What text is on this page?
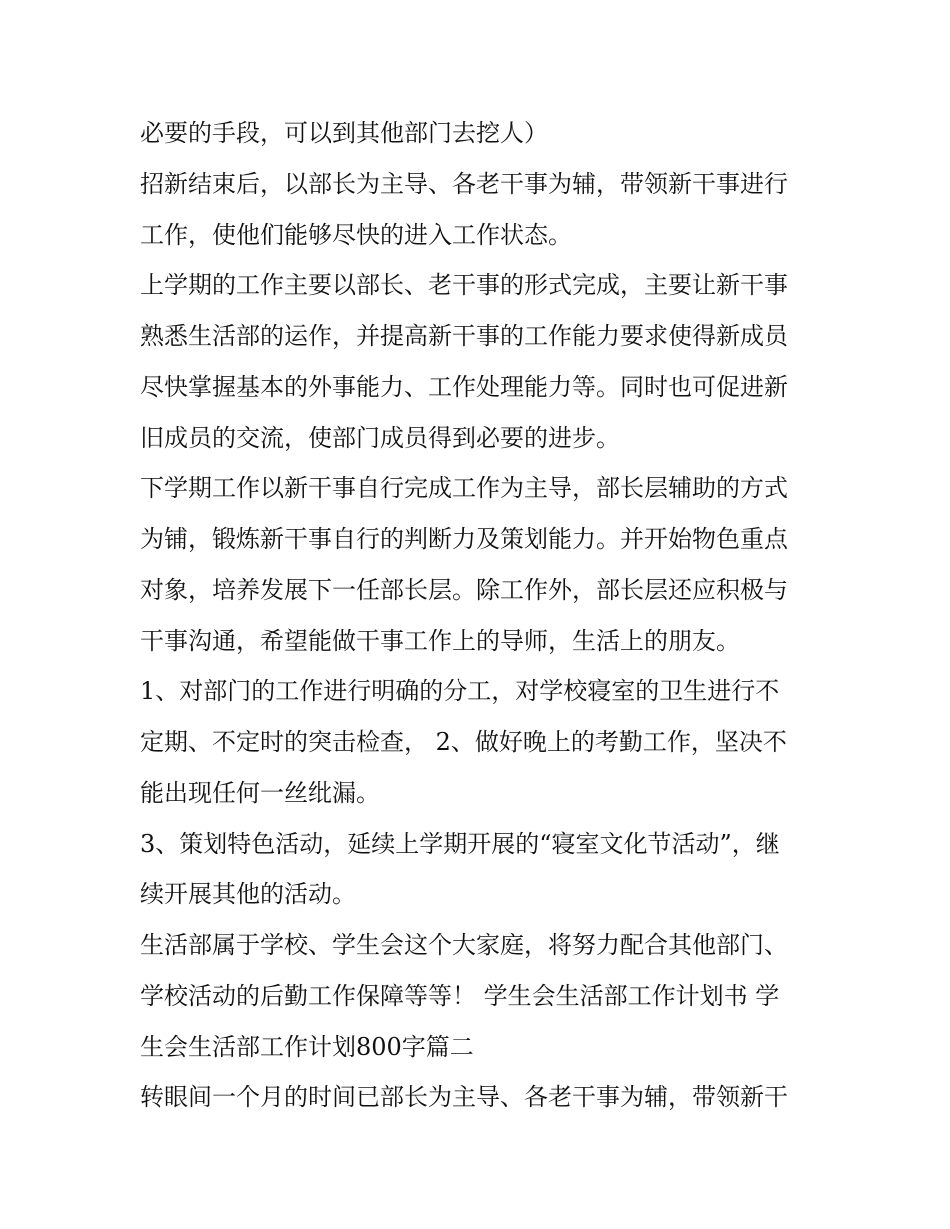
必要的手段，可以到其他部门去挖人）
招新结束后，以部长为主导、各老干事为辅，带领新干事进行
工作，使他们能够尽快的进入工作状态。
上学期的工作主要以部长、老干事的形式完成，主要让新干事
熟悉生活部的运作，并提高新干事的工作能力要求使得新成员
尽快掌握基本的外事能力、工作处理能力等。同时也可促进新
旧成员的交流，使部门成员得到必要的进步。
下学期工作以新干事自行完成工作为主导，部长层辅助的方式
为铺，锻炼新干事自行的判断力及策划能力。并开始物色重点
对象，培养发展下一任部长层。除工作外，部长层还应积极与
干事沟通，希望能做干事工作上的导师，生活上的朋友。
1、对部门的工作进行明确的分工，对学校寝室的卫生进行不
定期、不定时的突击检查， 2、做好晚上的考勤工作，坚决不
能出现任何一丝纰漏。
3、策划特色活动，延续上学期开展的“寝室文化节活动”，继
续开展其他的活动。
生活部属于学校、学生会这个大家庭，将努力配合其他部门、
学校活动的后勤工作保障等等！ 学生会生活部工作计划书 学
生会生活部工作计划800字篇二
转眼间一个月的时间已部长为主导、各老干事为辅，带领新干
